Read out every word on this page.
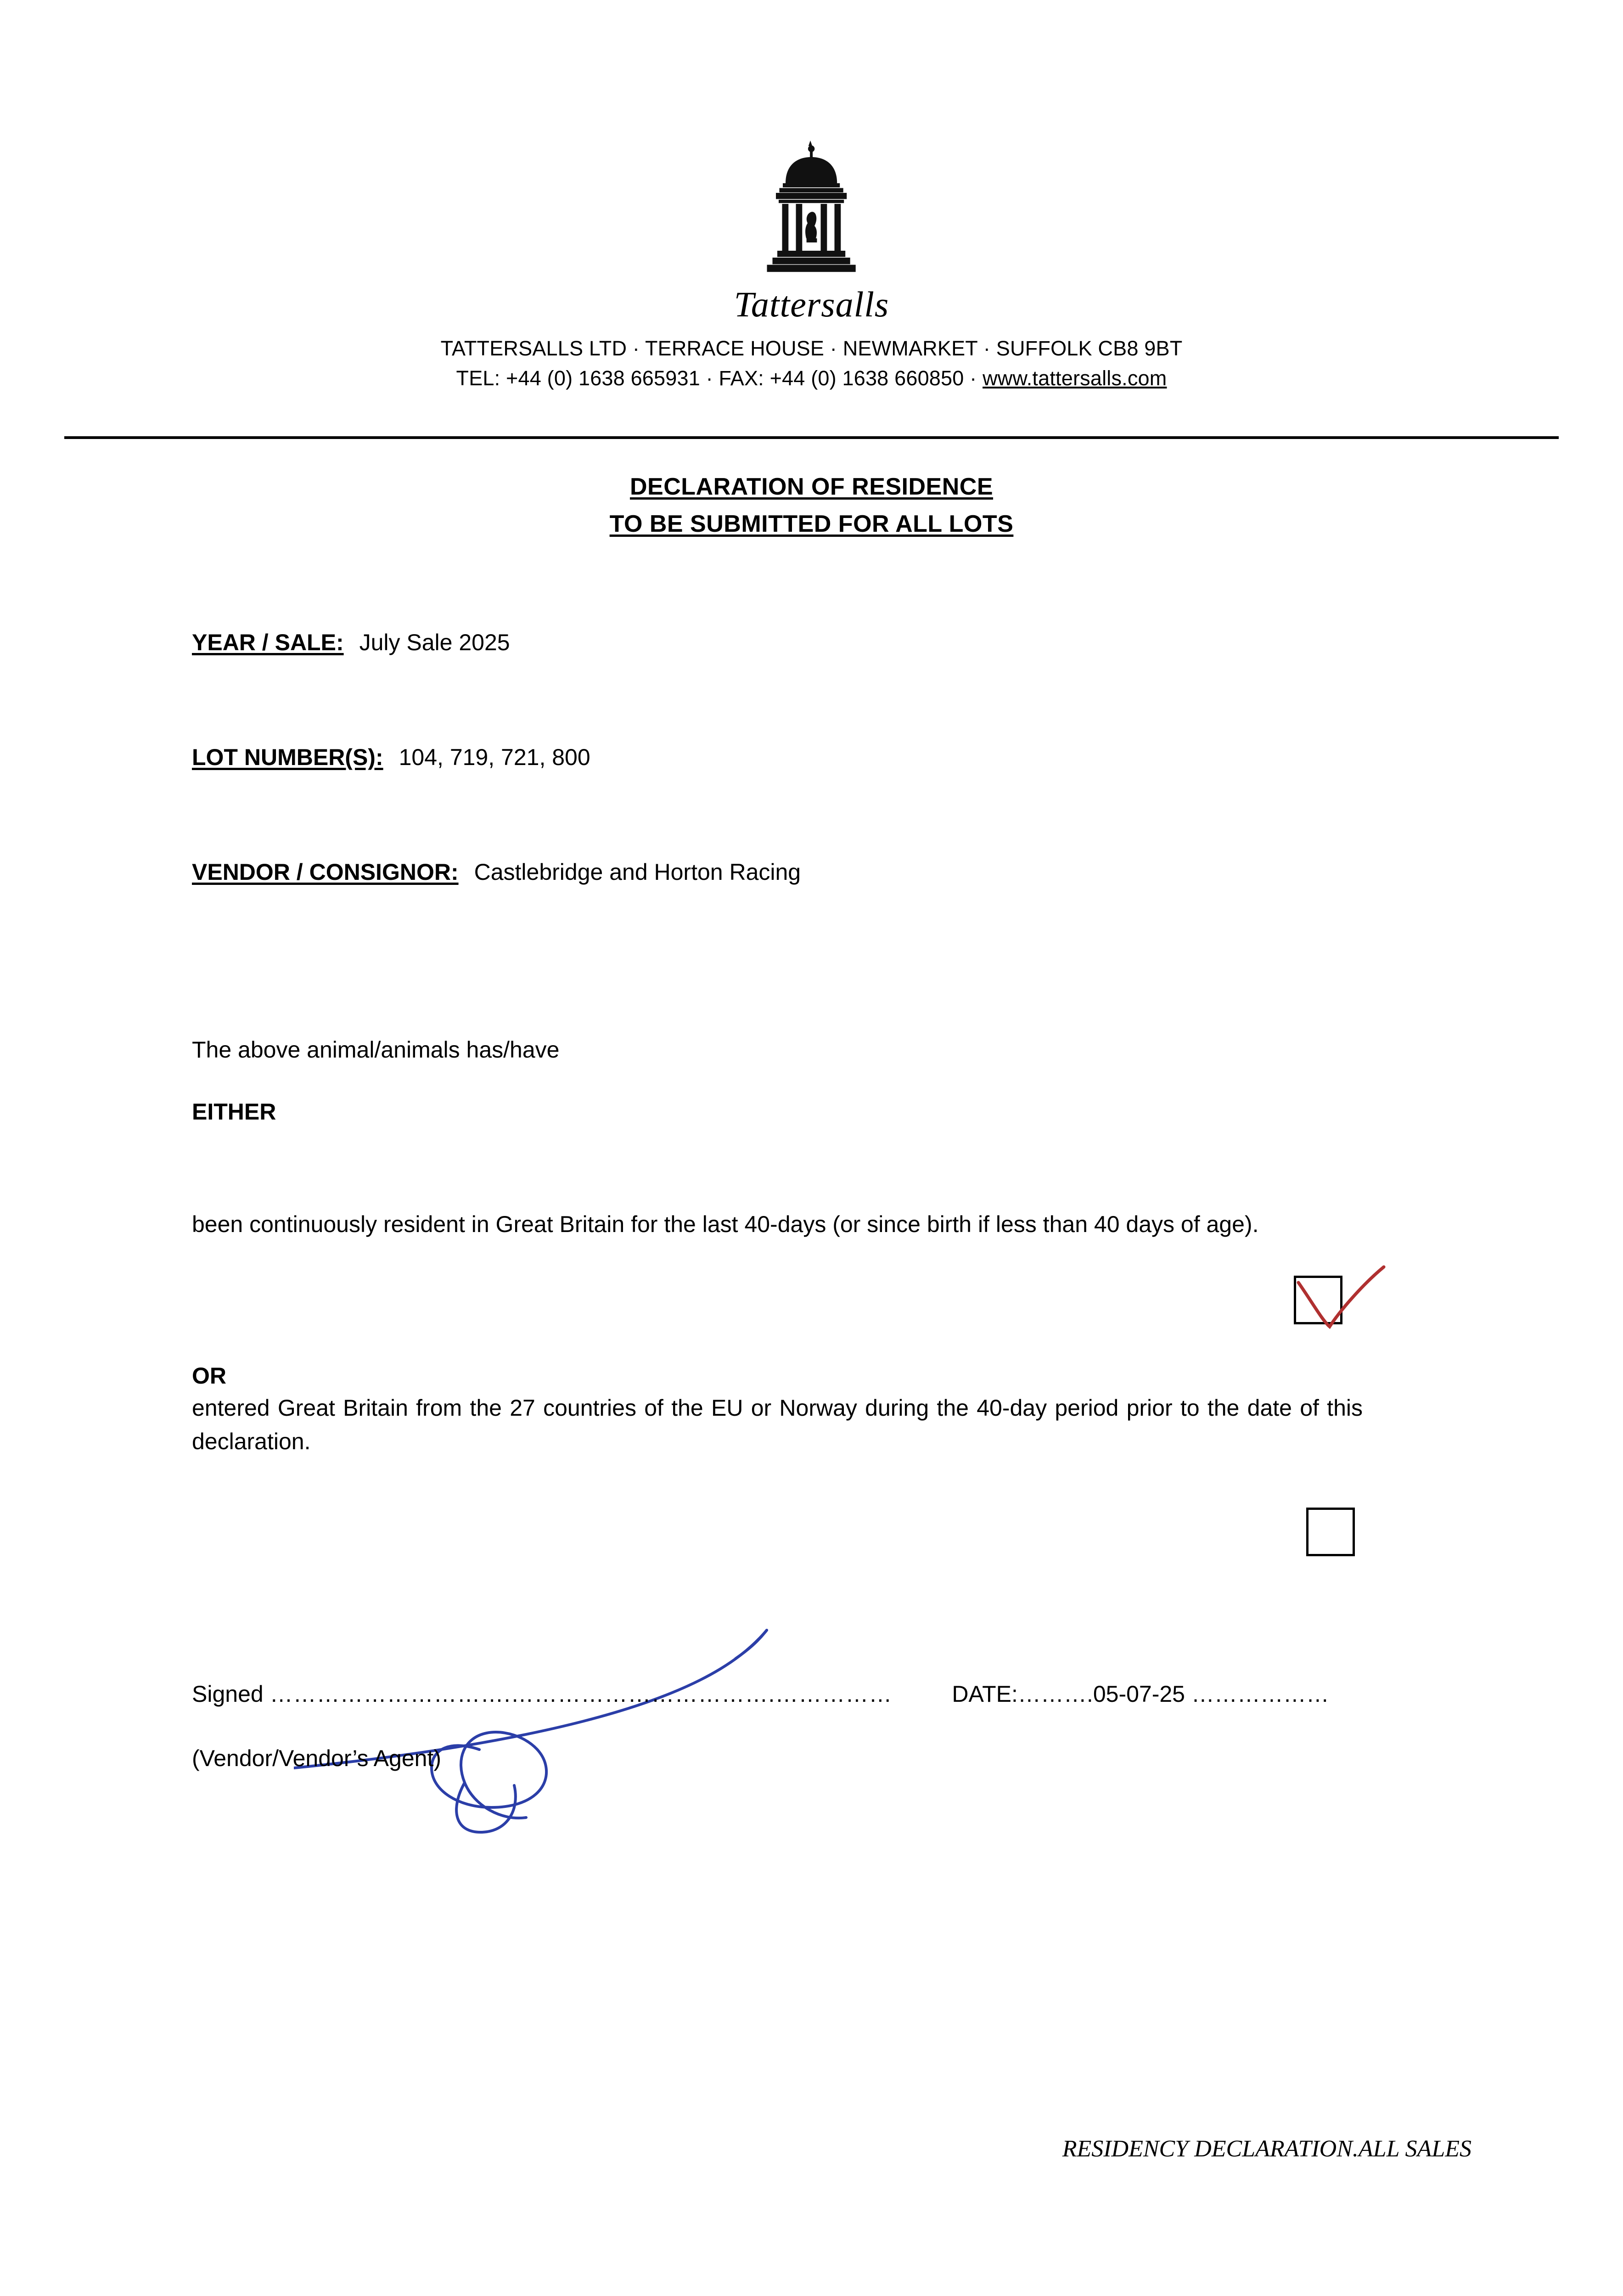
Tattersalls
TATTERSALLS LTD · TERRACE HOUSE · NEWMARKET · SUFFOLK CB8 9BT
TEL: +44 (0) 1638 665931 · FAX: +44 (0) 1638 660850 · www.tattersalls.com
DECLARATION OF RESIDENCE
TO BE SUBMITTED FOR ALL LOTS
YEAR / SALE: July Sale 2025
LOT NUMBER(S): 104, 719, 721, 800
VENDOR / CONSIGNOR: Castlebridge and Horton Racing
The above animal/animals has/have
EITHER
been continuously resident in Great Britain for the last 40-days (or since birth if less than 40 days of age).
OR
entered Great Britain from the 27 countries of the EU or Norway during the 40-day period prior to the date of this declaration.
Signed ………………………….…………………………….……………	DATE:……….05-07-25 ………………
(Vendor/Vendor’s Agent)
RESIDENCY DECLARATION.ALL SALES
